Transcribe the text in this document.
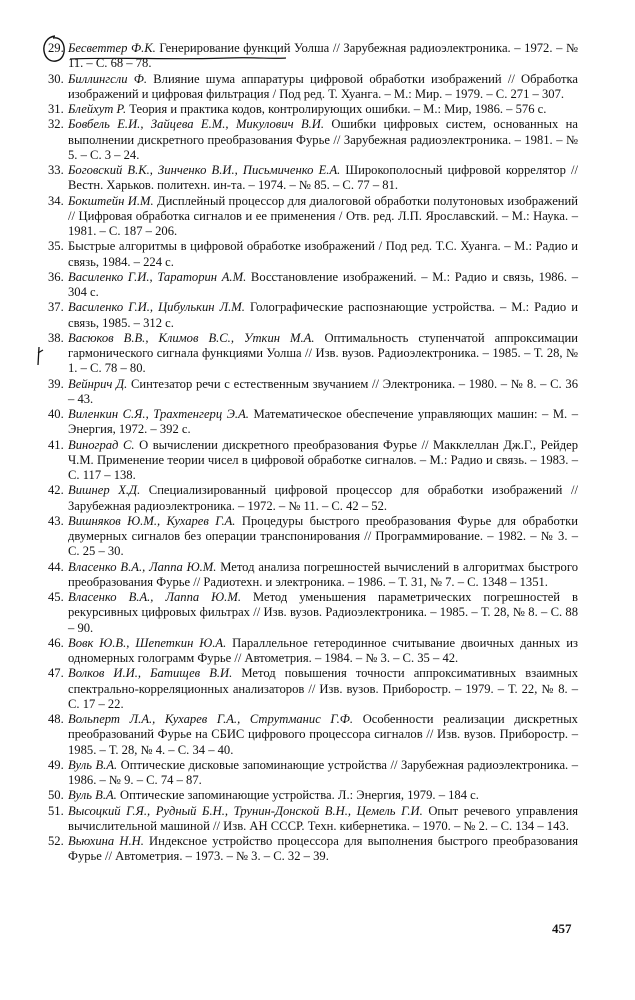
29. Бесветтер Ф.К. Генерирование функций Уолша // Зарубежная радиоэлектроника. – 1972. – № 11. – С. 68 – 78.
30. Биллингсли Ф. Влияние шума аппаратуры цифровой обработки изображений // Обработка изображений и цифровая фильтрация / Под ред. Т. Хуанга. – М.: Мир. – 1979. – С. 271 – 307.
31. Блейхут Р. Теория и практика кодов, контролирующих ошибки. – М.: Мир, 1986. – 576 с.
32. Бовбель Е.И., Зайцева Е.М., Микулович В.И. Ошибки цифровых систем, основанных на выполнении дискретного преобразования Фурье // Зарубежная радиоэлектроника. – 1981. – № 5. – С. 3 – 24.
33. Боговский В.К., Зинченко В.И., Письмиченко Е.А. Широкополосный цифровой коррелятор // Вестн. Харьков. политехн. ин-та. – 1974. – № 85. – С. 77 – 81.
34. Бокштейн И.М. Дисплейный процессор для диалоговой обработки полутоновых изображений // Цифровая обработка сигналов и ее применения / Отв. ред. Л.П. Ярославский. – М.: Наука. – 1981. – С. 187 – 206.
35. Быстрые алгоритмы в цифровой обработке изображений / Под ред. Т.С. Хуанга. – М.: Радио и связь, 1984. – 224 с.
36. Василенко Г.И., Тараторин А.М. Восстановление изображений. – М.: Радио и связь, 1986. – 304 с.
37. Василенко Г.И., Цибулькин Л.М. Голографические распознающие устройства. – М.: Радио и связь, 1985. – 312 с.
38. Васюков В.В., Климов В.С., Уткин М.А. Оптимальность ступенчатой аппроксимации гармонического сигнала функциями Уолша // Изв. вузов. Радиоэлектроника. – 1985. – Т. 28, № 1. – С. 78 – 80.
39. Вейнрич Д. Синтезатор речи с естественным звучанием // Электроника. – 1980. – № 8. – С. 36 – 43.
40. Виленкин С.Я., Трахтенгерц Э.А. Математическое обеспечение управляющих машин: – М. – Энергия, 1972. – 392 с.
41. Виноград С. О вычислении дискретного преобразования Фурье // Макклеллан Дж.Г., Рейдер Ч.М. Применение теории чисел в цифровой обработке сигналов. – М.: Радио и связь. – 1983. – С. 117 – 138.
42. Вишнер Х.Д. Специализированный цифровой процессор для обработки изображений // Зарубежная радиоэлектроника. – 1972. – № 11. – С. 42 – 52.
43. Вишняков Ю.М., Кухарев Г.А. Процедуры быстрого преобразования Фурье для обработки двумерных сигналов без операции транспонирования // Программирование. – 1982. – № 3. – С. 25 – 30.
44. Власенко В.А., Лаппа Ю.М. Метод анализа погрешностей вычислений в алгоритмах быстрого преобразования Фурье // Радиотехн. и электроника. – 1986. – Т. 31, № 7. – С. 1348 – 1351.
45. Власенко В.А., Лаппа Ю.М. Метод уменьшения параметрических погрешностей в рекурсивных цифровых фильтрах // Изв. вузов. Радиоэлектроника. – 1985. – Т. 28, № 8. – С. 88 – 90.
46. Вовк Ю.В., Шепеткин Ю.А. Параллельное гетеродинное считывание двоичных данных из одномерных голограмм Фурье // Автометрия. – 1984. – № 3. – С. 35 – 42.
47. Волков И.И., Батищев В.И. Метод повышения точности аппроксимативных взаимных спектрально-корреляционных анализаторов // Изв. вузов. Приборостр. – 1979. – Т. 22, № 8. – С. 17 – 22.
48. Вольперт Л.А., Кухарев Г.А., Струтманис Г.Ф. Особенности реализации дискретных преобразований Фурье на СБИС цифрового процессора сигналов // Изв. вузов. Приборостр. – 1985. – Т. 28, № 4. – С. 34 – 40.
49. Вуль В.А. Оптические дисковые запоминающие устройства // Зарубежная радиоэлектроника. – 1986. – № 9. – С. 74 – 87.
50. Вуль В.А. Оптические запоминающие устройства. Л.: Энергия, 1979. – 184 с.
51. Высоцкий Г.Я., Рудный Б.Н., Трунин-Донской В.Н., Цемель Г.И. Опыт речевого управления вычислительной машиной // Изв. АН СССР. Техн. кибернетика. – 1970. – № 2. – С. 134 – 143.
52. Вьюхина Н.Н. Индексное устройство процессора для выполнения быстрого преобразования Фурье // Автометрия. – 1973. – № 3. – С. 32 – 39.
457
